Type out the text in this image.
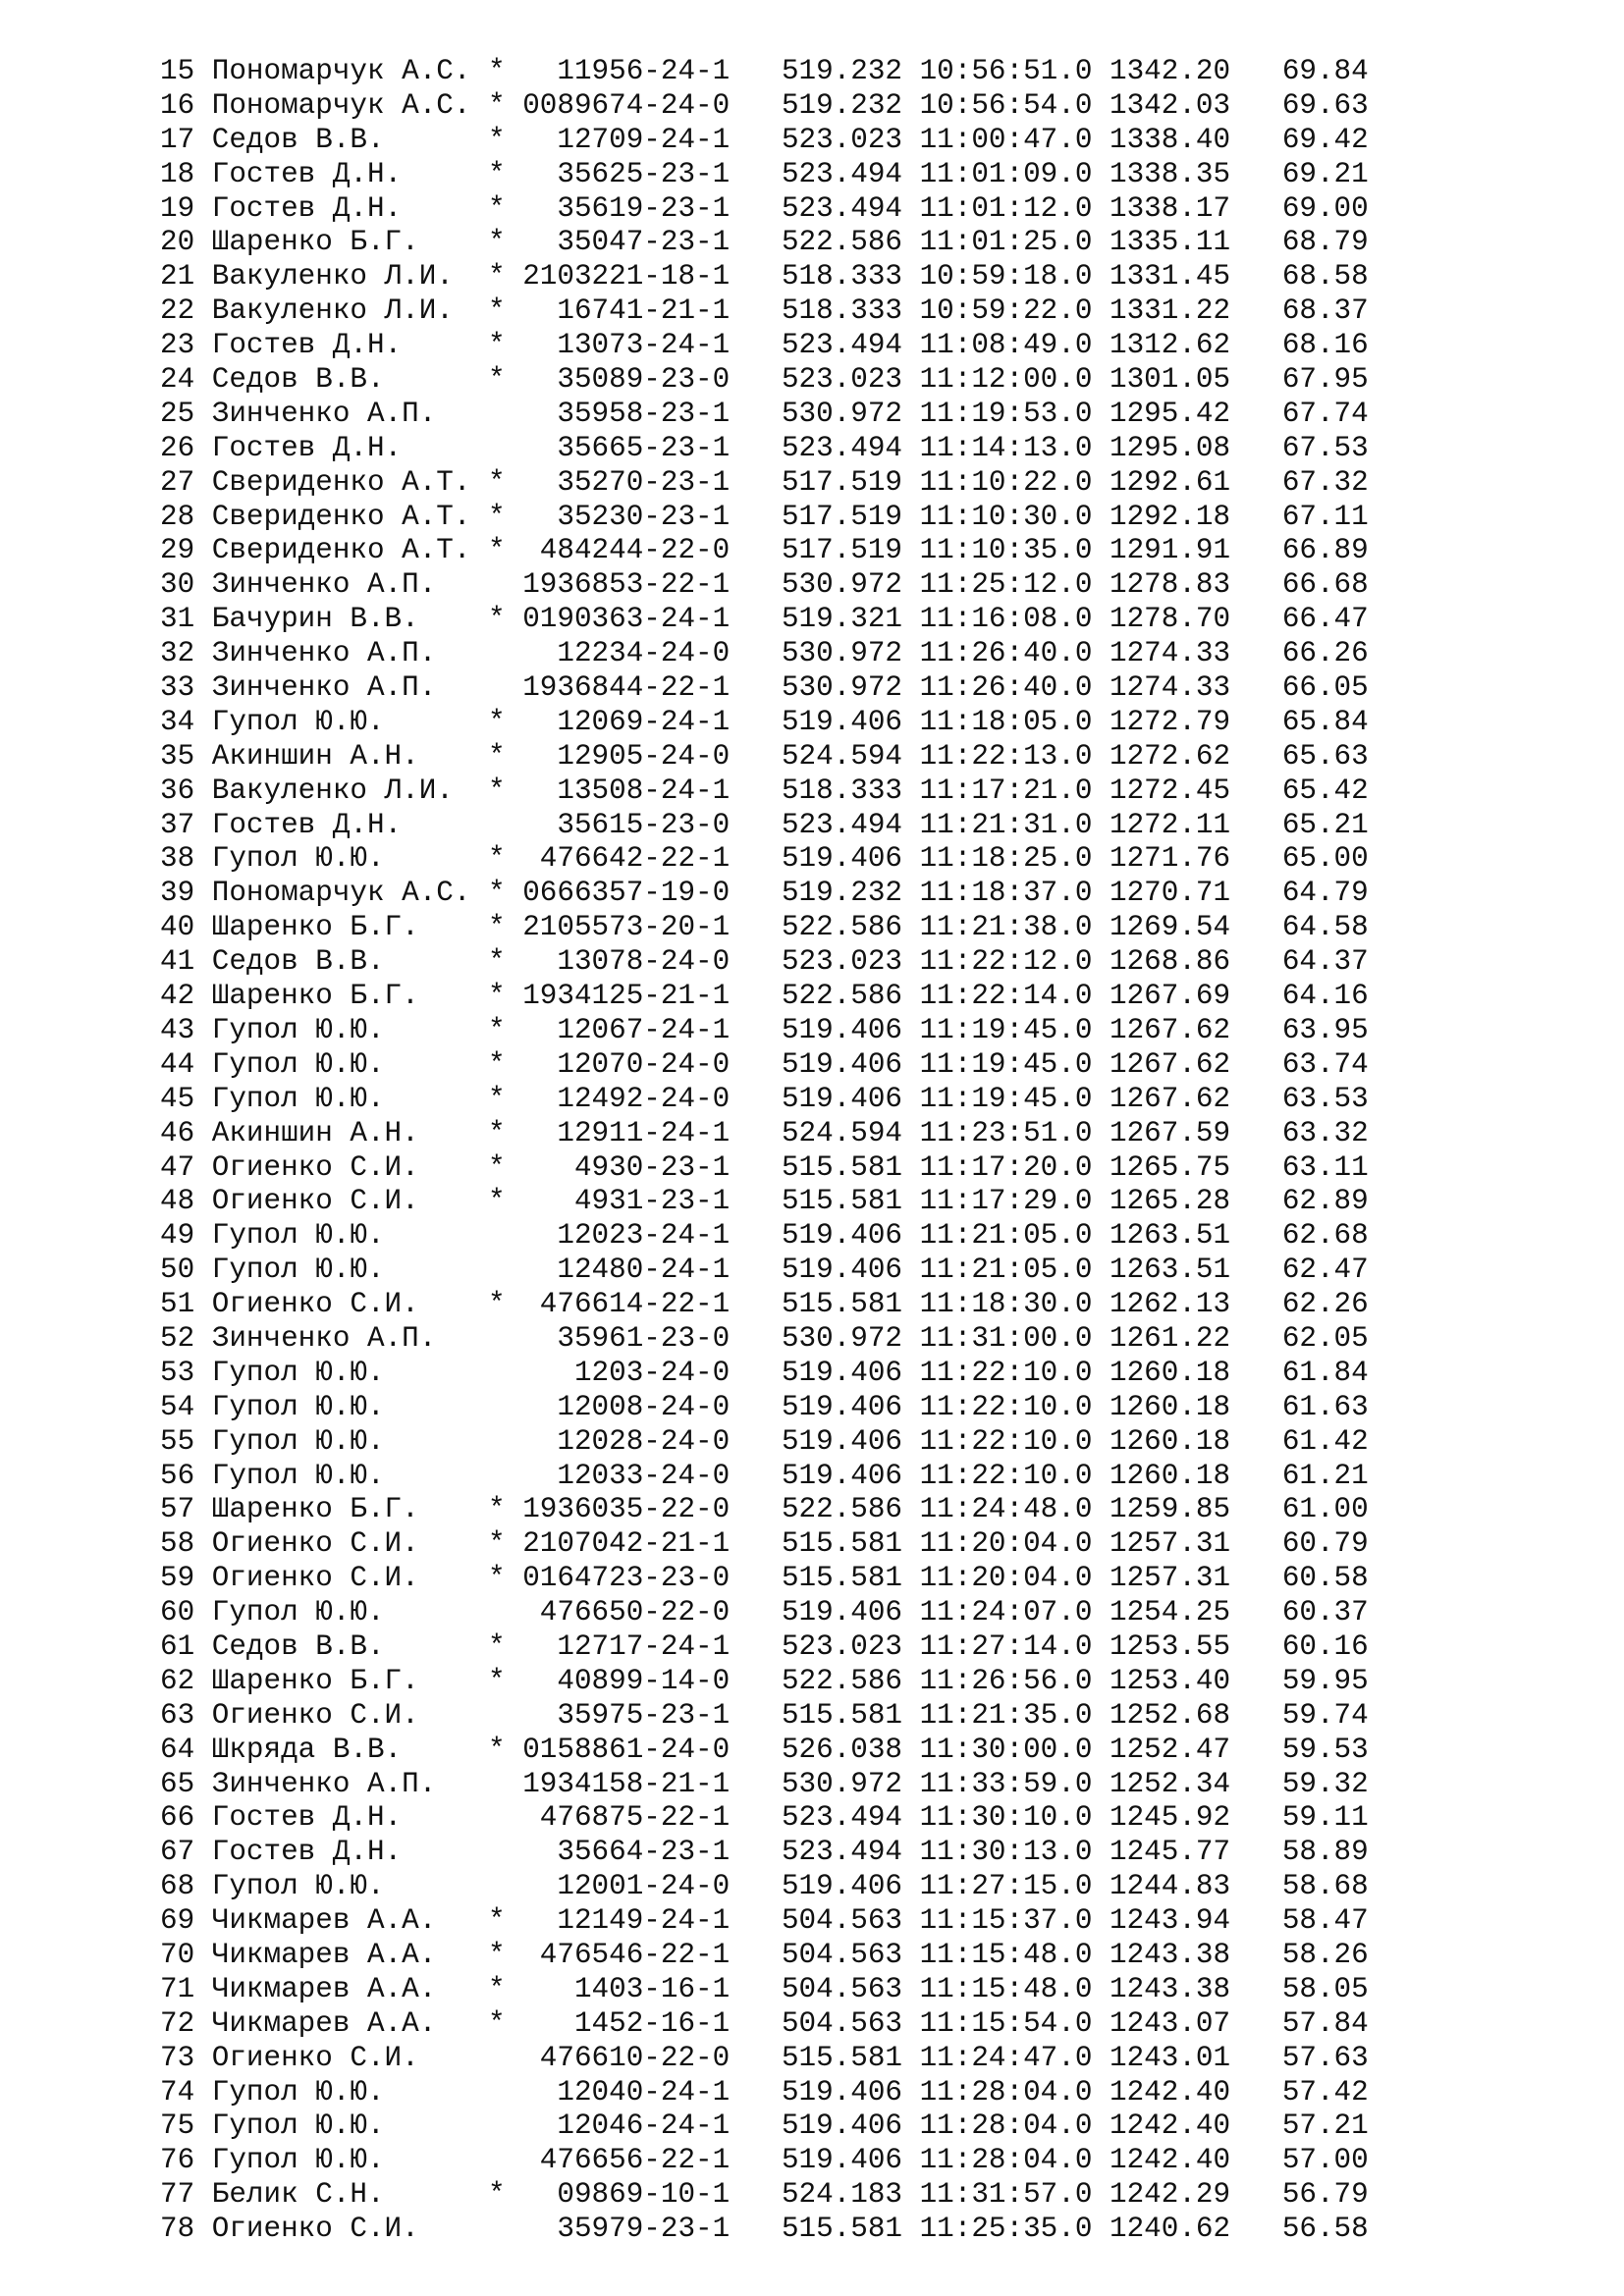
15 Пономарчук А.С. *   11956-24-1   519.232 10:56:51.0 1342.20   69.84
16 Пономарчук А.С. * 0089674-24-0   519.232 10:56:54.0 1342.03   69.63
17 Седов В.В.      *   12709-24-1   523.023 11:00:47.0 1338.40   69.42
18 Гостев Д.Н.     *   35625-23-1   523.494 11:01:09.0 1338.35   69.21
19 Гостев Д.Н.     *   35619-23-1   523.494 11:01:12.0 1338.17   69.00
20 Шаренко Б.Г.    *   35047-23-1   522.586 11:01:25.0 1335.11   68.79
21 Вакуленко Л.И.  * 2103221-18-1   518.333 10:59:18.0 1331.45   68.58
22 Вакуленко Л.И.  *   16741-21-1   518.333 10:59:22.0 1331.22   68.37
23 Гостев Д.Н.     *   13073-24-1   523.494 11:08:49.0 1312.62   68.16
24 Седов В.В.      *   35089-23-0   523.023 11:12:00.0 1301.05   67.95
25 Зинченко А.П.       35958-23-1   530.972 11:19:53.0 1295.42   67.74
26 Гостев Д.Н.         35665-23-1   523.494 11:14:13.0 1295.08   67.53
27 Свериденко А.Т. *   35270-23-1   517.519 11:10:22.0 1292.61   67.32
28 Свериденко А.Т. *   35230-23-1   517.519 11:10:30.0 1292.18   67.11
29 Свериденко А.Т. *  484244-22-0   517.519 11:10:35.0 1291.91   66.89
30 Зинченко А.П.     1936853-22-1   530.972 11:25:12.0 1278.83   66.68
31 Бачурин В.В.    * 0190363-24-1   519.321 11:16:08.0 1278.70   66.47
32 Зинченко А.П.       12234-24-0   530.972 11:26:40.0 1274.33   66.26
33 Зинченко А.П.     1936844-22-1   530.972 11:26:40.0 1274.33   66.05
34 Гупол Ю.Ю.      *   12069-24-1   519.406 11:18:05.0 1272.79   65.84
35 Акиншин А.Н.    *   12905-24-0   524.594 11:22:13.0 1272.62   65.63
36 Вакуленко Л.И.  *   13508-24-1   518.333 11:17:21.0 1272.45   65.42
37 Гостев Д.Н.         35615-23-0   523.494 11:21:31.0 1272.11   65.21
38 Гупол Ю.Ю.      *  476642-22-1   519.406 11:18:25.0 1271.76   65.00
39 Пономарчук А.С. * 0666357-19-0   519.232 11:18:37.0 1270.71   64.79
40 Шаренко Б.Г.    * 2105573-20-1   522.586 11:21:38.0 1269.54   64.58
41 Седов В.В.      *   13078-24-0   523.023 11:22:12.0 1268.86   64.37
42 Шаренко Б.Г.    * 1934125-21-1   522.586 11:22:14.0 1267.69   64.16
43 Гупол Ю.Ю.      *   12067-24-1   519.406 11:19:45.0 1267.62   63.95
44 Гупол Ю.Ю.      *   12070-24-0   519.406 11:19:45.0 1267.62   63.74
45 Гупол Ю.Ю.      *   12492-24-0   519.406 11:19:45.0 1267.62   63.53
46 Акиншин А.Н.    *   12911-24-1   524.594 11:23:51.0 1267.59   63.32
47 Огиенко С.И.    *    4930-23-1   515.581 11:17:20.0 1265.75   63.11
48 Огиенко С.И.    *    4931-23-1   515.581 11:17:29.0 1265.28   62.89
49 Гупол Ю.Ю.          12023-24-1   519.406 11:21:05.0 1263.51   62.68
50 Гупол Ю.Ю.          12480-24-1   519.406 11:21:05.0 1263.51   62.47
51 Огиенко С.И.    *  476614-22-1   515.581 11:18:30.0 1262.13   62.26
52 Зинченко А.П.       35961-23-0   530.972 11:31:00.0 1261.22   62.05
53 Гупол Ю.Ю.           1203-24-0   519.406 11:22:10.0 1260.18   61.84
54 Гупол Ю.Ю.          12008-24-0   519.406 11:22:10.0 1260.18   61.63
55 Гупол Ю.Ю.          12028-24-0   519.406 11:22:10.0 1260.18   61.42
56 Гупол Ю.Ю.          12033-24-0   519.406 11:22:10.0 1260.18   61.21
57 Шаренко Б.Г.    * 1936035-22-0   522.586 11:24:48.0 1259.85   61.00
58 Огиенко С.И.    * 2107042-21-1   515.581 11:20:04.0 1257.31   60.79
59 Огиенко С.И.    * 0164723-23-0   515.581 11:20:04.0 1257.31   60.58
60 Гупол Ю.Ю.         476650-22-0   519.406 11:24:07.0 1254.25   60.37
61 Седов В.В.      *   12717-24-1   523.023 11:27:14.0 1253.55   60.16
62 Шаренко Б.Г.    *   40899-14-0   522.586 11:26:56.0 1253.40   59.95
63 Огиенко С.И.        35975-23-1   515.581 11:21:35.0 1252.68   59.74
64 Шкряда В.В.     * 0158861-24-0   526.038 11:30:00.0 1252.47   59.53
65 Зинченко А.П.     1934158-21-1   530.972 11:33:59.0 1252.34   59.32
66 Гостев Д.Н.        476875-22-1   523.494 11:30:10.0 1245.92   59.11
67 Гостев Д.Н.         35664-23-1   523.494 11:30:13.0 1245.77   58.89
68 Гупол Ю.Ю.          12001-24-0   519.406 11:27:15.0 1244.83   58.68
69 Чикмарев А.А.   *   12149-24-1   504.563 11:15:37.0 1243.94   58.47
70 Чикмарев А.А.   *  476546-22-1   504.563 11:15:48.0 1243.38   58.26
71 Чикмарев А.А.   *    1403-16-1   504.563 11:15:48.0 1243.38   58.05
72 Чикмарев А.А.   *    1452-16-1   504.563 11:15:54.0 1243.07   57.84
73 Огиенко С.И.       476610-22-0   515.581 11:24:47.0 1243.01   57.63
74 Гупол Ю.Ю.          12040-24-1   519.406 11:28:04.0 1242.40   57.42
75 Гупол Ю.Ю.          12046-24-1   519.406 11:28:04.0 1242.40   57.21
76 Гупол Ю.Ю.         476656-22-1   519.406 11:28:04.0 1242.40   57.00
77 Белик С.Н.      *   09869-10-1   524.183 11:31:57.0 1242.29   56.79
78 Огиенко С.И.        35979-23-1   515.581 11:25:35.0 1240.62   56.58
